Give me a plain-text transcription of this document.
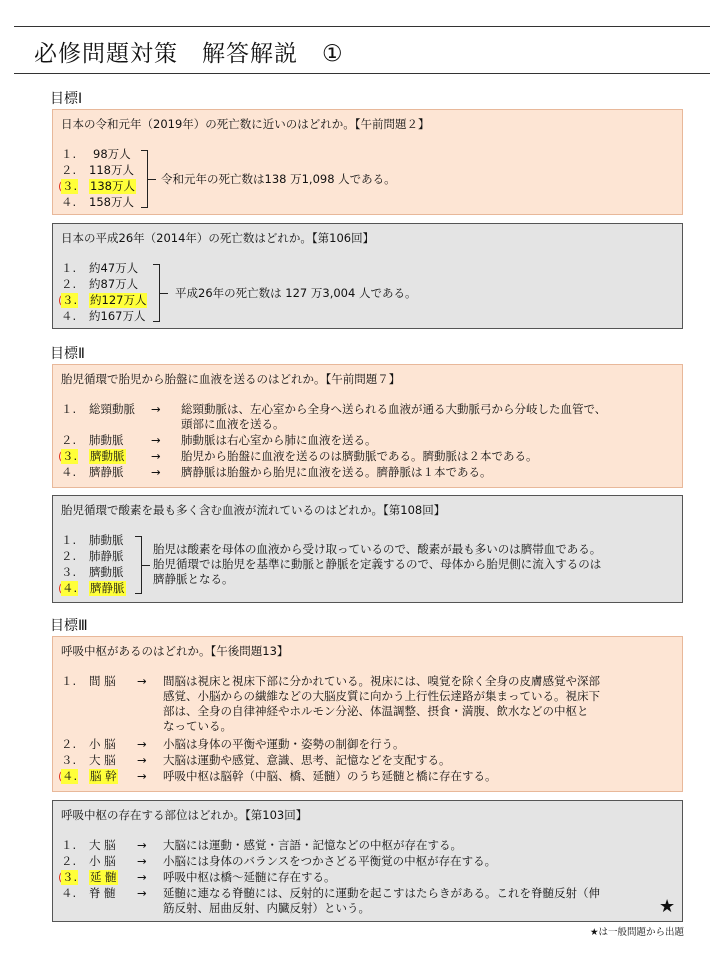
必修問題対策　解答解説　①
目標Ⅰ
日本の令和元年（2019年）の死亡数に近いのはどれか。【午前問題２】
１. 98万人
２. 118万人
３. 138万人
４. 158万人
令和元年の死亡数は138 万1,098 人である。
日本の平成26年（2014年）の死亡数はどれか。【第106回】
１. 約47万人
２. 約87万人
３. 約127万人
４. 約167万人
平成26年の死亡数は 127 万3,004 人である。
目標Ⅱ
胎児循環で胎児から胎盤に血液を送るのはどれか。【午前問題７】
１. 総頸動脈 → 総頸動脈は、左心室から全身へ送られる血液が通る大動脈弓から分岐した血管で、
頭部に血液を送る。
２. 肺動脈 → 肺動脈は右心室から肺に血液を送る。
３. 臍動脈 → 胎児から胎盤に血液を送るのは臍動脈である。臍動脈は２本である。
４. 臍静脈 → 臍静脈は胎盤から胎児に血液を送る。臍静脈は１本である。
胎児循環で酸素を最も多く含む血液が流れているのはどれか。【第108回】
１. 肺動脈
２. 肺静脈
３. 臍動脈
４. 臍静脈
胎児は酸素を母体の血液から受け取っているので、酸素が最も多いのは臍帯血である。
胎児循環では胎児を基準に動脈と静脈を定義するので、母体から胎児側に流入するのは
臍静脈となる。
目標Ⅲ
呼吸中枢があるのはどれか。【午後問題13】
１. 間 脳 → 間脳は視床と視床下部に分かれている。視床には、嗅覚を除く全身の皮膚感覚や深部
感覚、小脳からの繊維などの大脳皮質に向かう上行性伝達路が集まっている。視床下
部は、全身の自律神経やホルモン分泌、体温調整、摂食・満腹、飲水などの中枢と
なっている。
２. 小 脳 → 小脳は身体の平衡や運動・姿勢の制御を行う。
３. 大 脳 → 大脳は運動や感覚、意識、思考、記憶などを支配する。
４. 脳 幹 → 呼吸中枢は脳幹（中脳、橋、延髄）のうち延髄と橋に存在する。
呼吸中枢の存在する部位はどれか。【第103回】
１. 大 脳 → 大脳には運動・感覚・言語・記憶などの中枢が存在する。
２. 小 脳 → 小脳には身体のバランスをつかさどる平衡覚の中枢が存在する。
３. 延 髄 → 呼吸中枢は橋～延髄に存在する。
４. 脊 髄 → 延髄に連なる脊髄には、反射的に運動を起こすはたらきがある。これを脊髄反射（伸
筋反射、屈曲反射、内臓反射）という。	★
★は一般問題から出題
